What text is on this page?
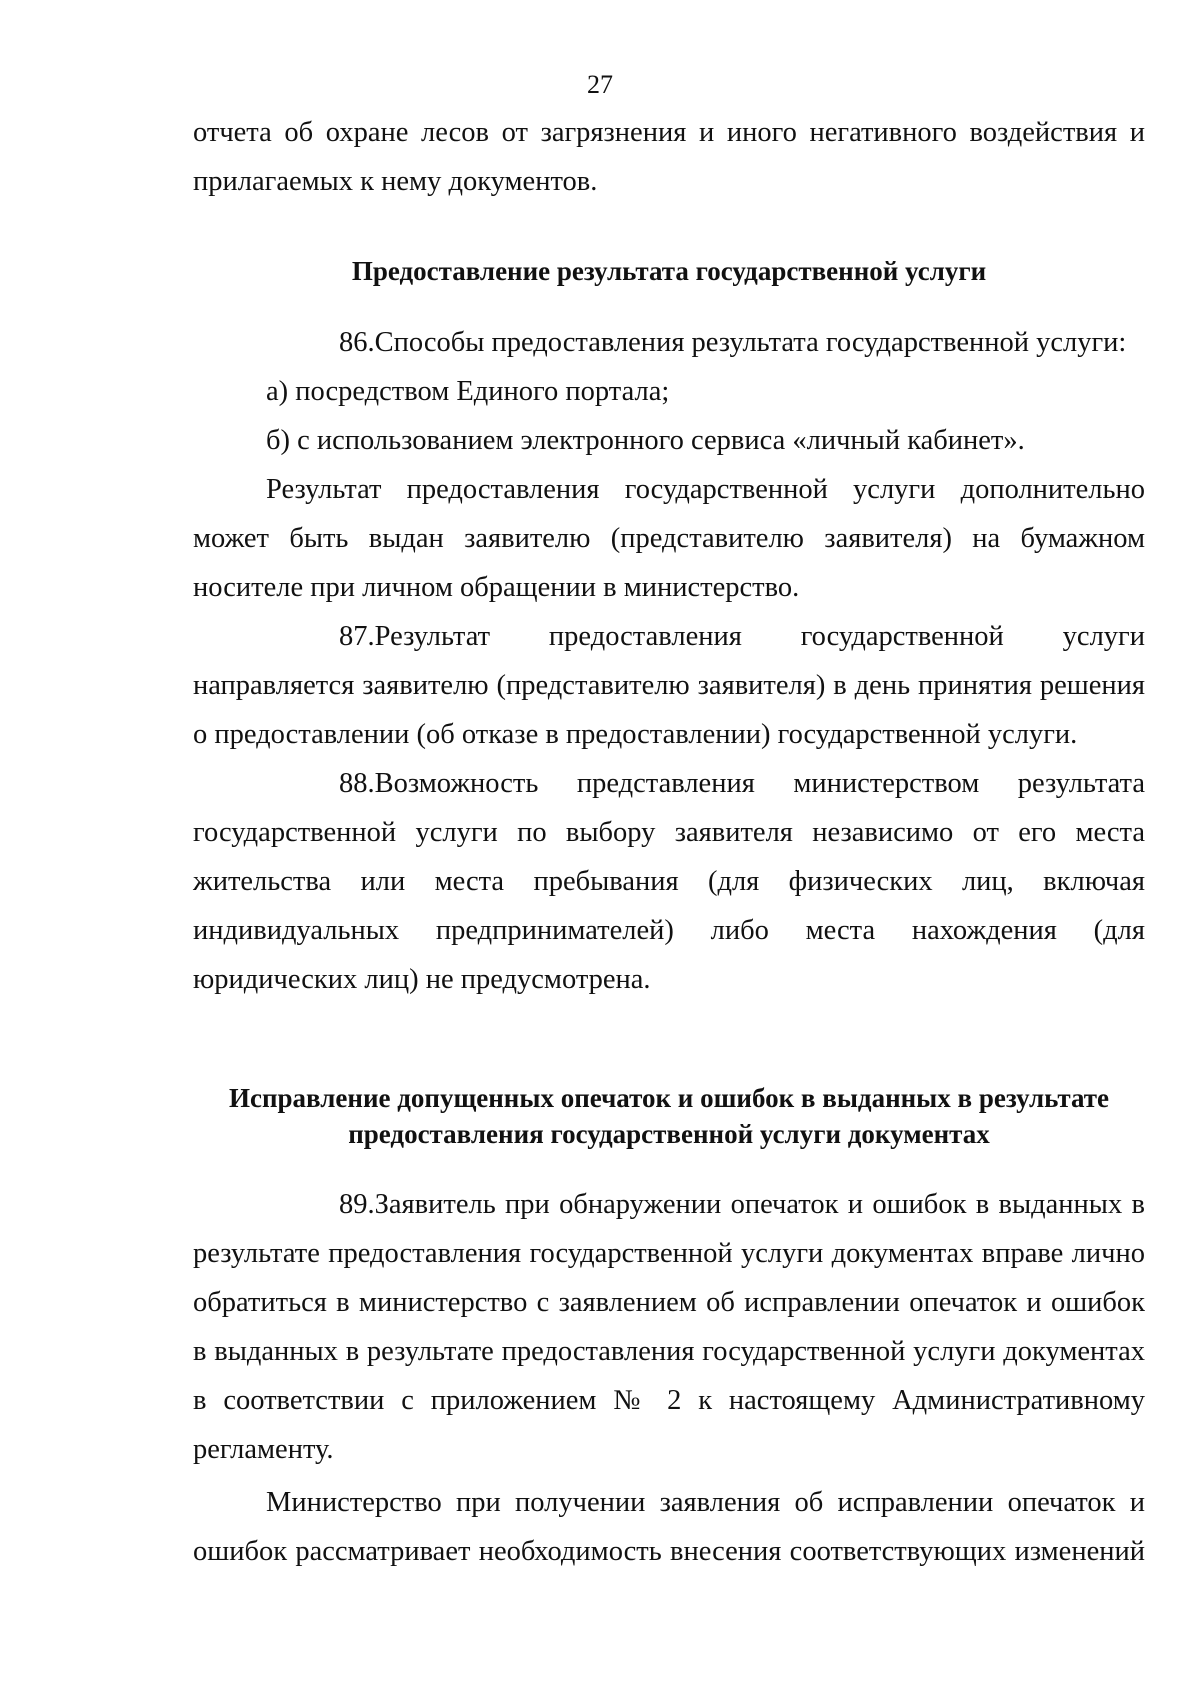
27

отчета об охране лесов от загрязнения и иного негативного воздействия и прилагаемых к нему документов.

Предоставление результата государственной услуги

86.Способы предоставления результата государственной услуги:

а) посредством Единого портала;

б) с использованием электронного сервиса «личный кабинет».

Результат предоставления государственной услуги дополнительно может быть выдан заявителю (представителю заявителя) на бумажном носителе при личном обращении в министерство.

87.Результат предоставления государственной услуги направляется заявителю (представителю заявителя) в день принятия решения о предоставлении (об отказе в предоставлении) государственной услуги.

88.Возможность представления министерством результата государственной услуги по выбору заявителя независимо от его места жительства или места пребывания (для физических лиц, включая индивидуальных предпринимателей) либо места нахождения (для юридических лиц) не предусмотрена.

Исправление допущенных опечаток и ошибок в выданных в результате
предоставления государственной услуги документах

89.Заявитель при обнаружении опечаток и ошибок в выданных в результате предоставления государственной услуги документах вправе лично обратиться в министерство с заявлением об исправлении опечаток и ошибок в выданных в результате предоставления государственной услуги документах в соответствии с приложением № 2 к настоящему Административному регламенту.

Министерство при получении заявления об исправлении опечаток и ошибок рассматривает необходимость внесения соответствующих изменений
